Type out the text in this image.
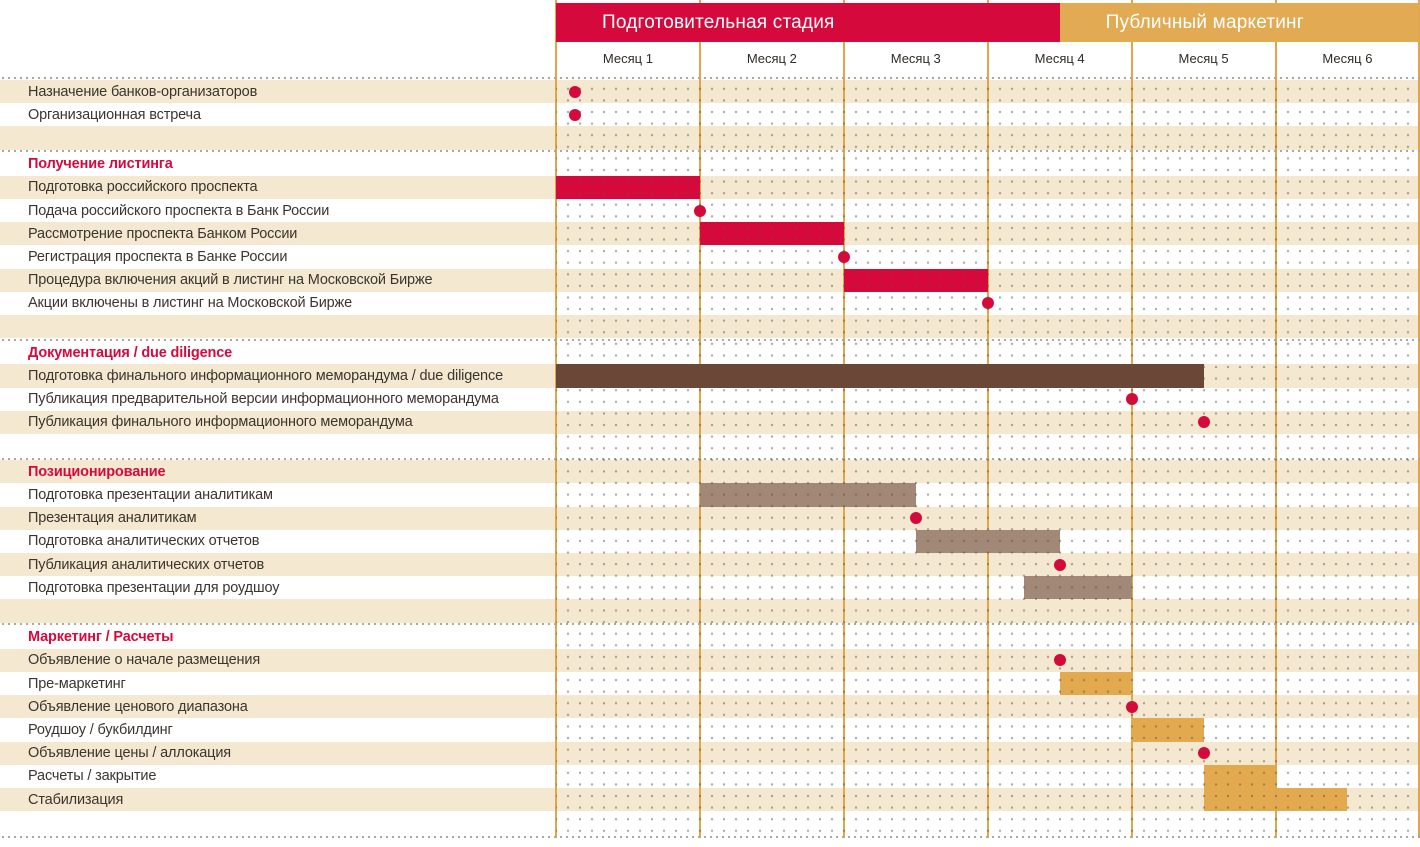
Подготовительная стадия	Публичный маркетинг
Месяц 1	Месяц 2	Месяц 3	Месяц 4	Месяц 5	Месяц 6
Назначение банков-организаторов
Организационная встреча
Получение листинга
Подготовка российского проспекта
Подача российского проспекта в Банк России
Рассмотрение проспекта Банком России
Регистрация проспекта в Банке России
Процедура включения акций в листинг на Московской Бирже
Акции включены в листинг на Московской Бирже
Документация / due diligence
Подготовка финального информационного меморандума / due diligence
Публикация предварительной версии информационного меморандума
Публикация финального информационного меморандума
Позиционирование
Подготовка презентации аналитикам
Презентация аналитикам
Подготовка аналитических отчетов
Публикация аналитических отчетов
Подготовка презентации для роудшоу
Маркетинг / Расчеты
Объявление о начале размещения
Пре-маркетинг
Объявление ценового диапазона
Роудшоу / букбилдинг
Объявление цены / аллокация
Расчеты / закрытие
Стабилизация
